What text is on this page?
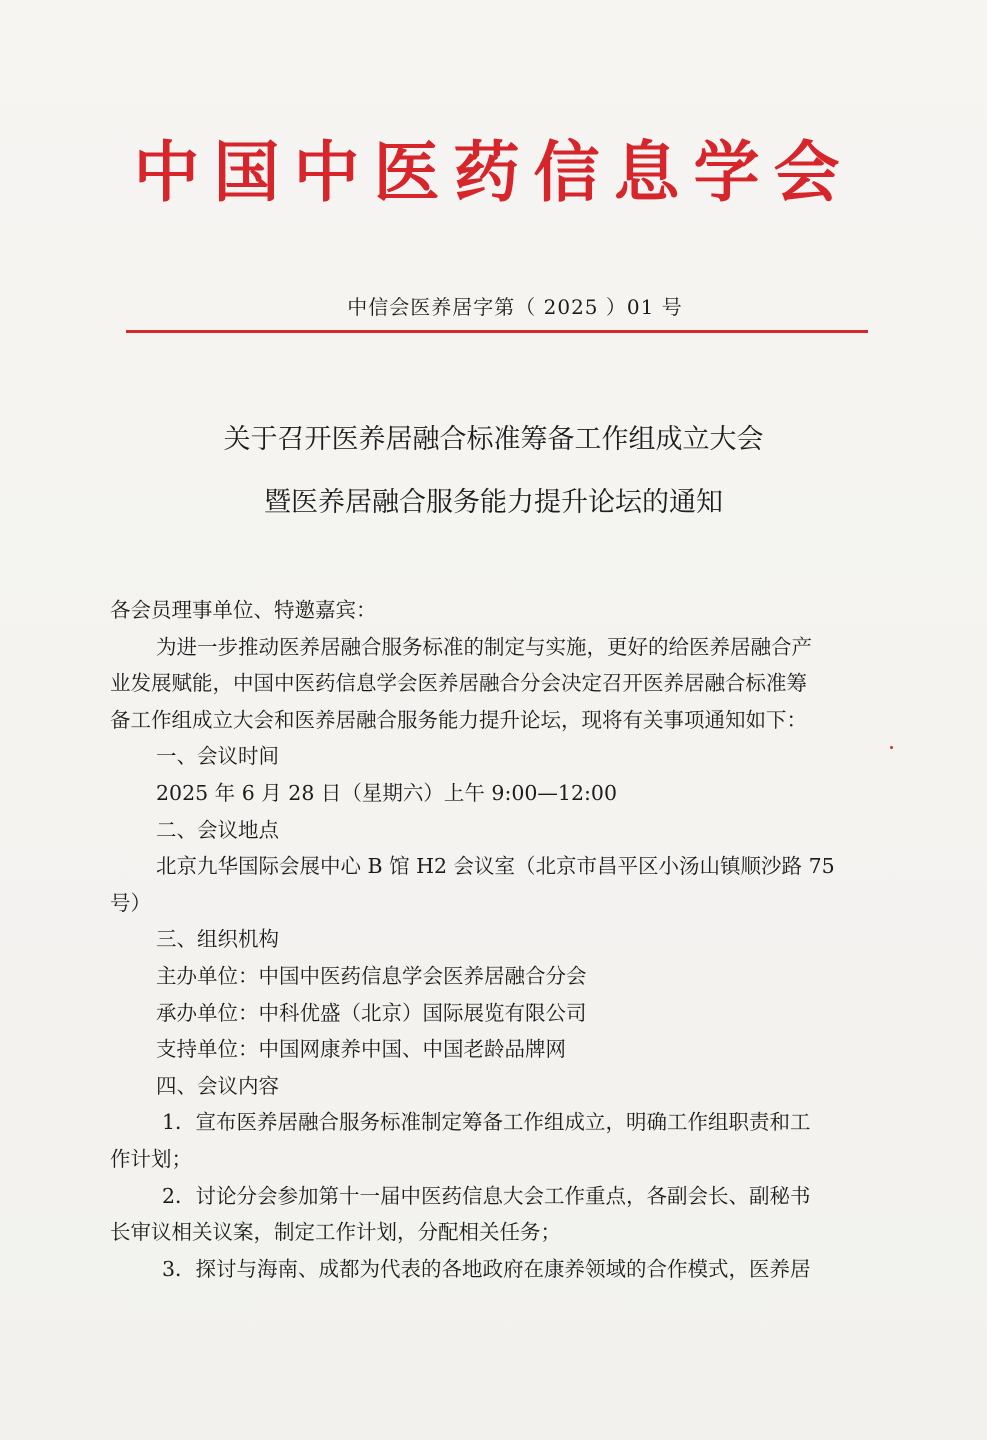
中国中医药信息学会
中信会医养居字第（ 2025 ）01 号
关于召开医养居融合标准筹备工作组成立大会
暨医养居融合服务能力提升论坛的通知

各会员理事单位、特邀嘉宾：

为进一步推动医养居融合服务标准的制定与实施，更好的给医养居融合产

业发展赋能，中国中医药信息学会医养居融合分会决定召开医养居融合标准筹

备工作组成立大会和医养居融合服务能力提升论坛，现将有关事项通知如下：

一、会议时间

2025 年 6 月 28 日（星期六）上午 9:00—12:00

二、会议地点

北京九华国际会展中心 B 馆 H2 会议室（北京市昌平区小汤山镇顺沙路 75

号）

三、组织机构

主办单位：中国中医药信息学会医养居融合分会

承办单位：中科优盛（北京）国际展览有限公司

支持单位：中国网康养中国、中国老龄品牌网

四、会议内容

1．宣布医养居融合服务标准制定筹备工作组成立，明确工作组职责和工

作计划；

2．讨论分会参加第十一届中医药信息大会工作重点，各副会长、副秘书

长审议相关议案，制定工作计划，分配相关任务；

3．探讨与海南、成都为代表的各地政府在康养领域的合作模式，医养居
